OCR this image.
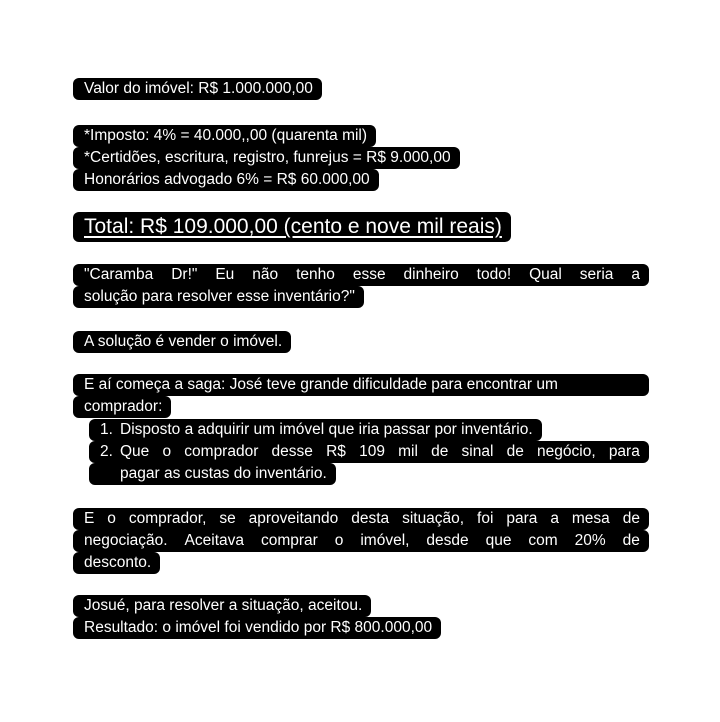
Valor do imóvel: R$ 1.000.000,00
*Imposto: 4% = 40.000,,00 (quarenta mil)
*Certidões, escritura, registro, funrejus = R$ 9.000,00
Honorários advogado 6% = R$ 60.000,00
Total: R$ 109.000,00 (cento e nove mil reais)
"Caramba Dr!" Eu não tenho esse dinheiro todo! Qual seria a
solução para resolver esse inventário?"
A solução é vender o imóvel.
E aí começa a saga: José teve grande dificuldade para encontrar um
comprador:
1. Disposto a adquirir um imóvel que iria passar por inventário.
2. Que o comprador desse R$ 109 mil de sinal de negócio, para
pagar as custas do inventário.
E o comprador, se aproveitando desta situação, foi para a mesa de
negociação. Aceitava comprar o imóvel, desde que com 20% de
desconto.
Josué, para resolver a situação, aceitou.
Resultado: o imóvel foi vendido por R$ 800.000,00
